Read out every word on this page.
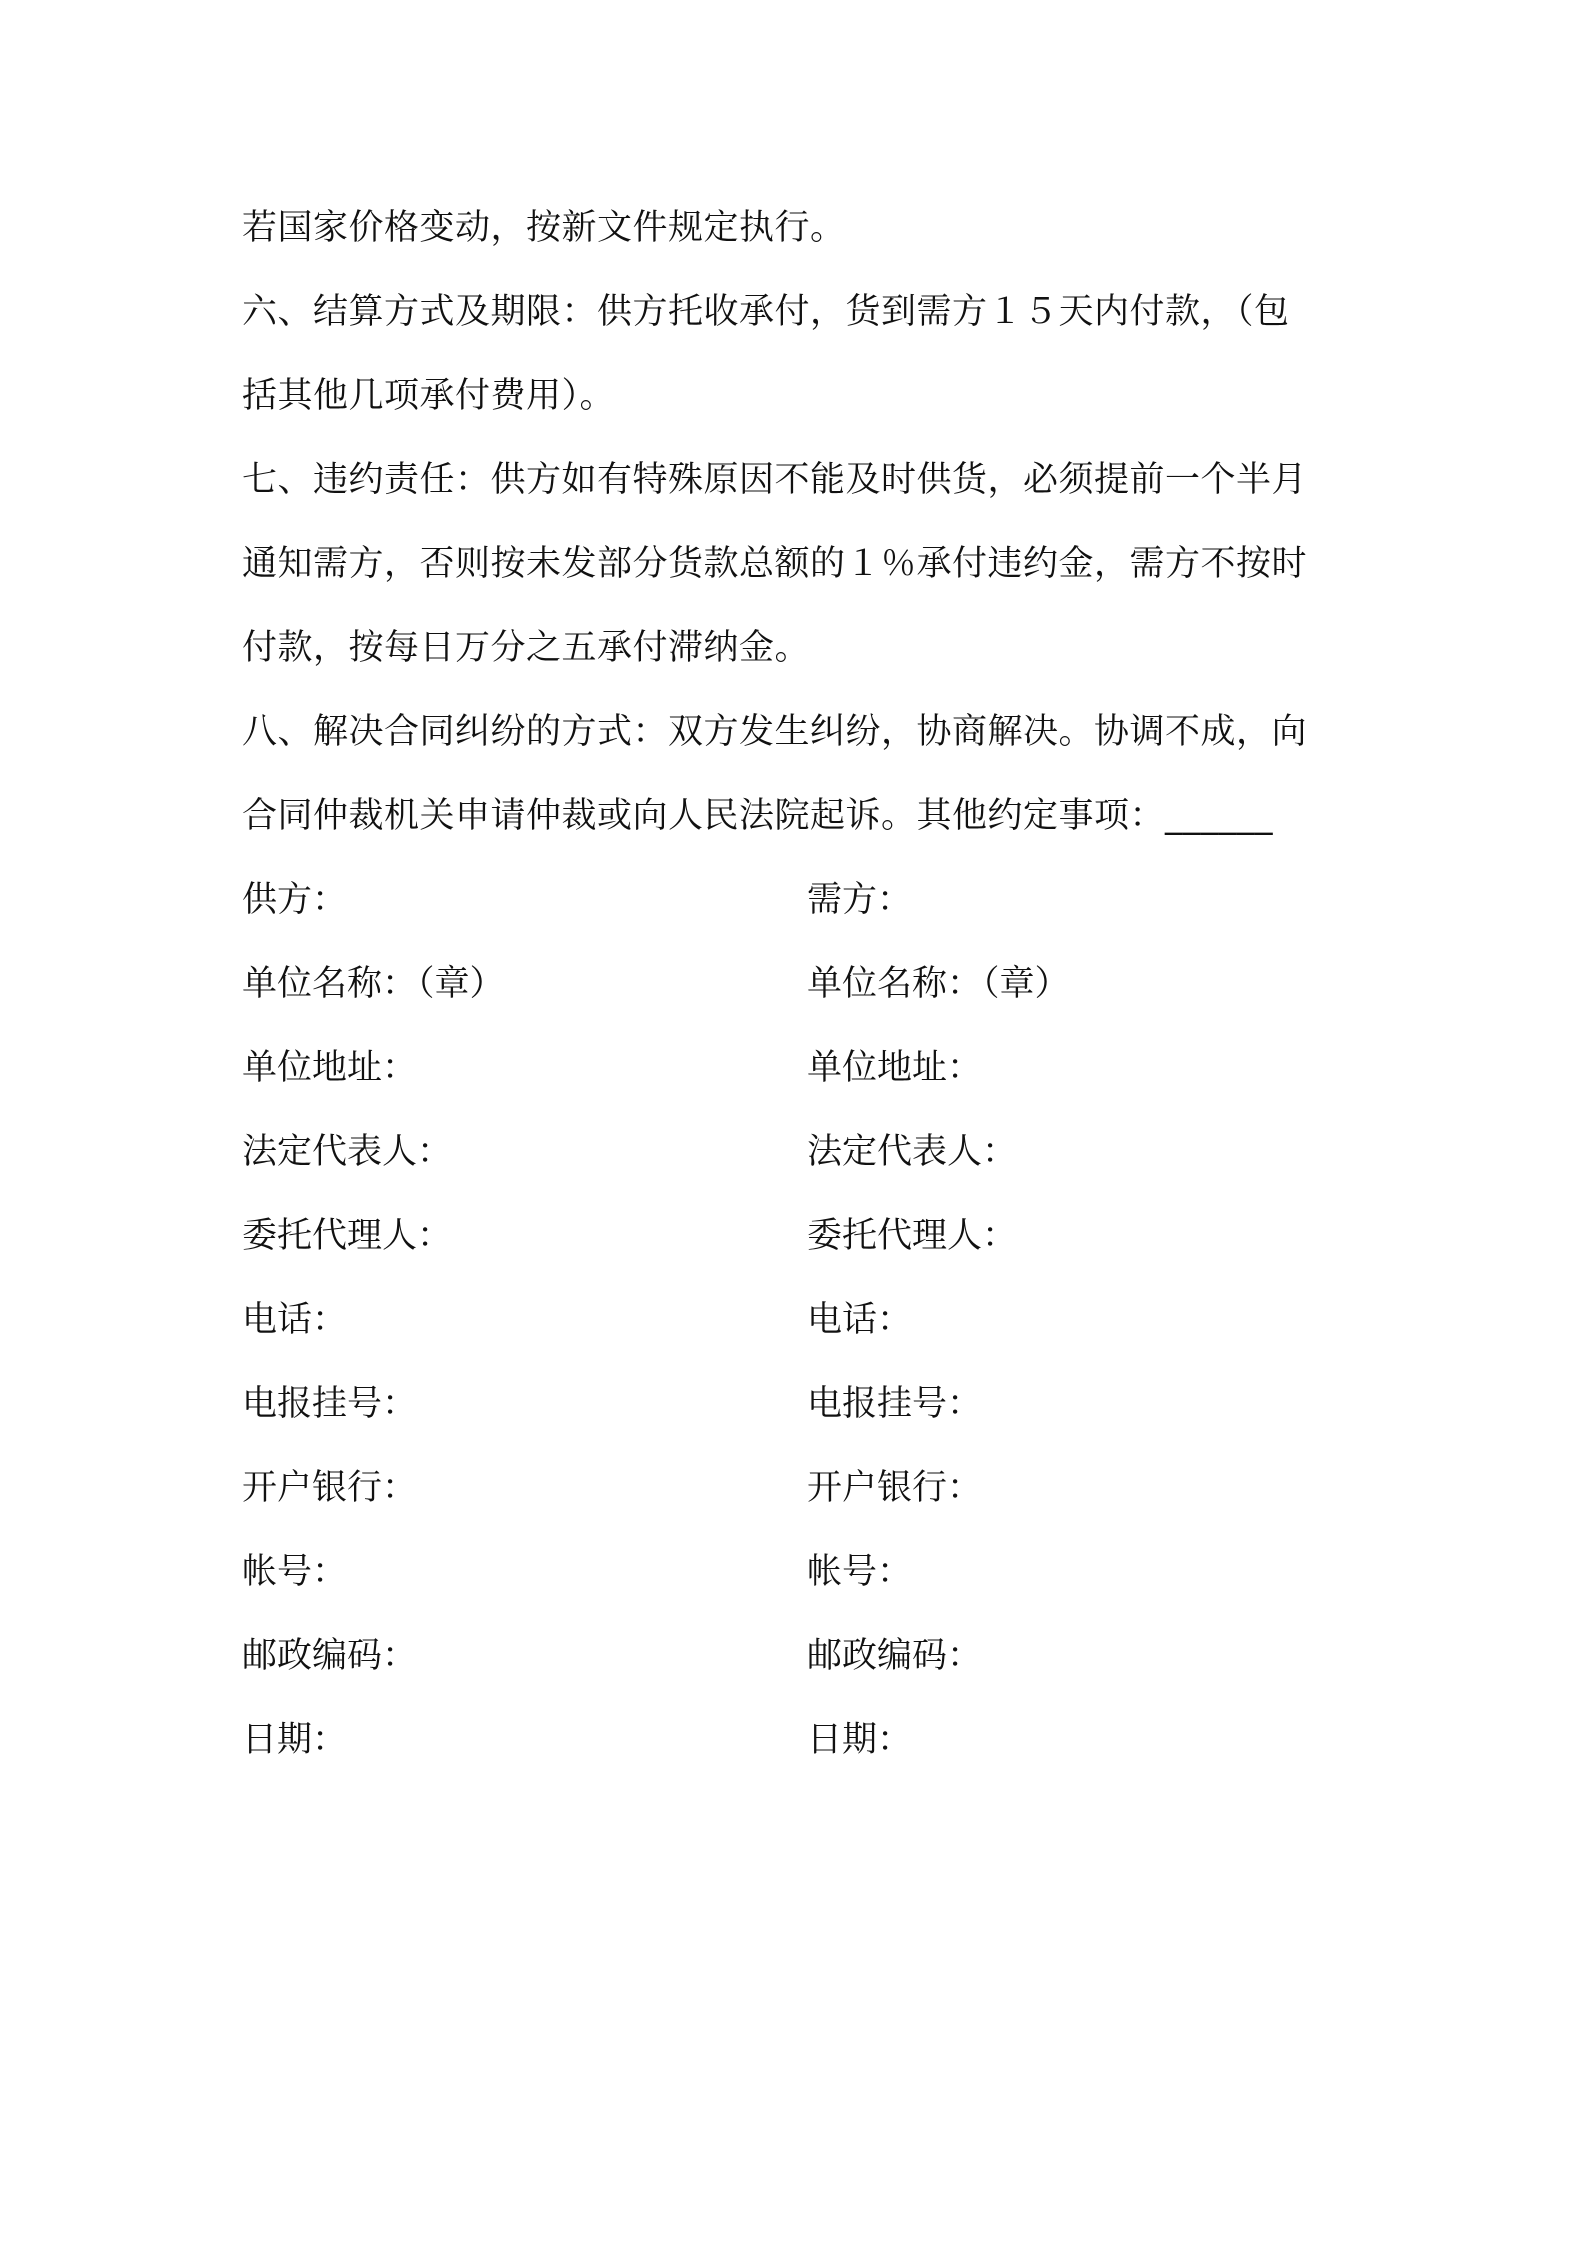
若国家价格变动，按新文件规定执行。

六、结算方式及期限：供方托收承付，货到需方１５天内付款，（包
括其他几项承付费用）。

七、违约责任：供方如有特殊原因不能及时供货，必须提前一个半月
通知需方，否则按未发部分货款总额的１％承付违约金，需方不按时
付款，按每日万分之五承付滞纳金。

八、解决合同纠纷的方式：双方发生纠纷，协商解决。协调不成，向
合同仲裁机关申请仲裁或向人民法院起诉。其他约定事项：______

供方：	需方：
单位名称：（章）	单位名称：（章）
单位地址：	单位地址：
法定代表人：	法定代表人：
委托代理人：	委托代理人：
电话：	电话：
电报挂号：	电报挂号：
开户银行：	开户银行：
帐号：	帐号：
邮政编码：	邮政编码：
日期：	日期：
